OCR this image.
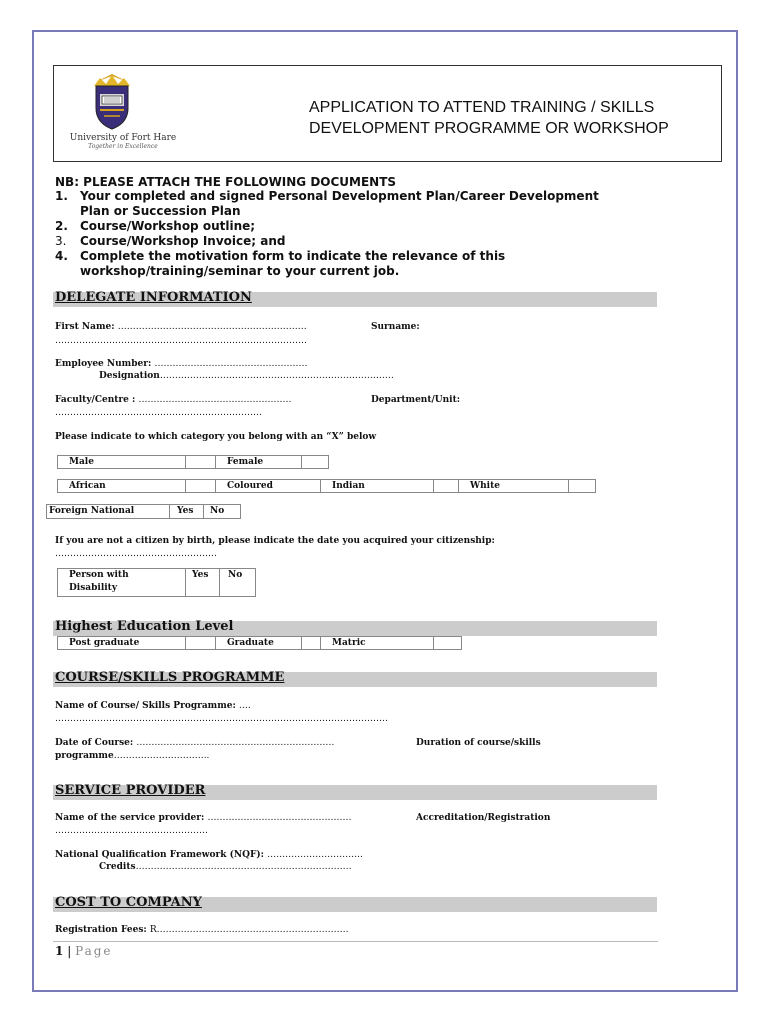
University of Fort Hare
Together in Excellence
APPLICATION TO ATTEND TRAINING / SKILLS
DEVELOPMENT PROGRAMME OR WORKSHOP
NB: PLEASE ATTACH THE FOLLOWING DOCUMENTS
1. Your completed and signed Personal Development Plan/Career Development
Plan or Succession Plan
2. Course/Workshop outline;
3. Course/Workshop Invoice; and
4. Complete the motivation form to indicate the relevance of this
workshop/training/seminar to your current job.
DELEGATE INFORMATION
First Name: ………………………………………………………	Surname:
…………………………………………………………………………
Employee Number: ……………………………………………
Designation……………………………………………………………………
Faculty/Centre : ……………………………………………	Department/Unit:
……………………………………………………………
Please indicate to which category you belong with an “X” below
Male	Female
African	Coloured	Indian	White
Foreign National	Yes	No
If you are not a citizen by birth, please indicate the date you acquired your citizenship:
………………………………………………
Person with
Disability
Yes	No
Highest Education Level
Post graduate	Graduate	Matric
COURSE/SKILLS PROGRAMME
Name of Course/ Skills Programme: ….
…………………………………………………………………………………………………
Date of Course: …………………………………………………………	Duration of course/skills
programme…………………………..
SERVICE PROVIDER
Name of the service provider: …………………………………………	Accreditation/Registration
……………………………………………
National Qualification Framework (NQF): …………………………..
Credits………………………………………………………………
COST TO COMPANY
Registration Fees: R……………………………………………………….
1 | Page
